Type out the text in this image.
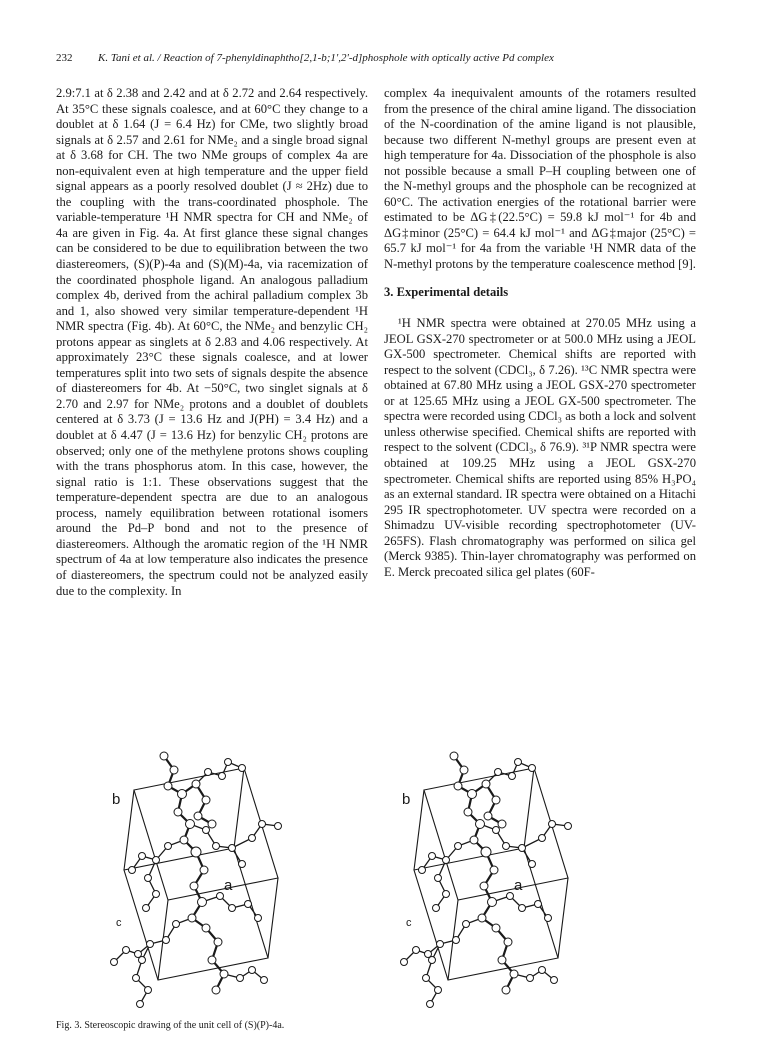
232 K. Tani et al. / Reaction of 7-phenyldinaphtho[2,1-b;1',2'-d]phosphole with optically active Pd complex

2.9:7.1 at δ 2.38 and 2.42 and at δ 2.72 and 2.64 respectively. At 35°C these signals coalesce, and at 60°C they change to a doublet at δ 1.64 (J = 6.4 Hz) for CMe, two slightly broad signals at δ 2.57 and 2.61 for NMe₂ and a single broad signal at δ 3.68 for CH. The two NMe groups of complex 4a are non-equivalent even at high temperature and the upper field signal appears as a poorly resolved doublet (J ≈ 2Hz) due to the coupling with the trans-coordinated phosphole. The variable-temperature ¹H NMR spectra for CH and NMe₂ of 4a are given in Fig. 4a. At first glance these signal changes can be considered to be due to equilibration between the two diastereomers, (S)(P)-4a and (S)(M)-4a, via racemization of the coordinated phosphole ligand. An analogous palladium complex 4b, derived from the achiral palladium complex 3b and 1, also showed very similar temperature-dependent ¹H NMR spectra (Fig. 4b). At 60°C, the NMe₂ and benzylic CH₂ protons appear as singlets at δ 2.83 and 4.06 respectively. At approximately 23°C these signals coalesce, and at lower temperatures split into two sets of signals despite the absence of diastereomers for 4b. At −50°C, two singlet signals at δ 2.70 and 2.97 for NMe₂ protons and a doublet of doublets centered at δ 3.73 (J = 13.6 Hz and J(PH) = 3.4 Hz) and a doublet at δ 4.47 (J = 13.6 Hz) for benzylic CH₂ protons are observed; only one of the methylene protons shows coupling with the trans phosphorus atom. In this case, however, the signal ratio is 1:1. These observations suggest that the temperature-dependent spectra are due to an analogous process, namely equilibration between rotational isomers around the Pd–P bond and not to the presence of diastereomers. Although the aromatic region of the ¹H NMR spectrum of 4a at low temperature also indicates the presence of diastereomers, the spectrum could not be analyzed easily due to the complexity. In

complex 4a inequivalent amounts of the rotamers resulted from the presence of the chiral amine ligand. The dissociation of the N-coordination of the amine ligand is not plausible, because two different N-methyl groups are present even at high temperature for 4a. Dissociation of the phosphole is also not possible because a small P–H coupling between one of the N-methyl groups and the phosphole can be recognized at 60°C. The activation energies of the rotational barrier were estimated to be ΔG‡(22.5°C) = 59.8 kJ mol⁻¹ for 4b and ΔG‡minor (25°C) = 64.4 kJ mol⁻¹ and ΔG‡major (25°C) = 65.7 kJ mol⁻¹ for 4a from the variable ¹H NMR data of the N-methyl protons by the temperature coalescence method [9].

3. Experimental details

¹H NMR spectra were obtained at 270.05 MHz using a JEOL GSX-270 spectrometer or at 500.0 MHz using a JEOL GX-500 spectrometer. Chemical shifts are reported with respect to the solvent (CDCl₃, δ 7.26). ¹³C NMR spectra were obtained at 67.80 MHz using a JEOL GSX-270 spectrometer or at 125.65 MHz using a JEOL GX-500 spectrometer. The spectra were recorded using CDCl₃ as both a lock and solvent unless otherwise specified. Chemical shifts are reported with respect to the solvent (CDCl₃, δ 76.9). ³¹P NMR spectra were obtained at 109.25 MHz using a JEOL GSX-270 spectrometer. Chemical shifts are reported using 85% H₃PO₄ as an external standard. IR spectra were obtained on a Hitachi 295 IR spectrophotometer. UV spectra were recorded on a Shimadzu UV-visible recording spectrophotometer (UV-265FS). Flash chromatography was performed on silica gel (Merck 9385). Thin-layer chromatography was performed on E. Merck precoated silica gel plates (60F-

b
a
c
b
a
c
Fig. 3. Stereoscopic drawing of the unit cell of (S)(P)-4a.
